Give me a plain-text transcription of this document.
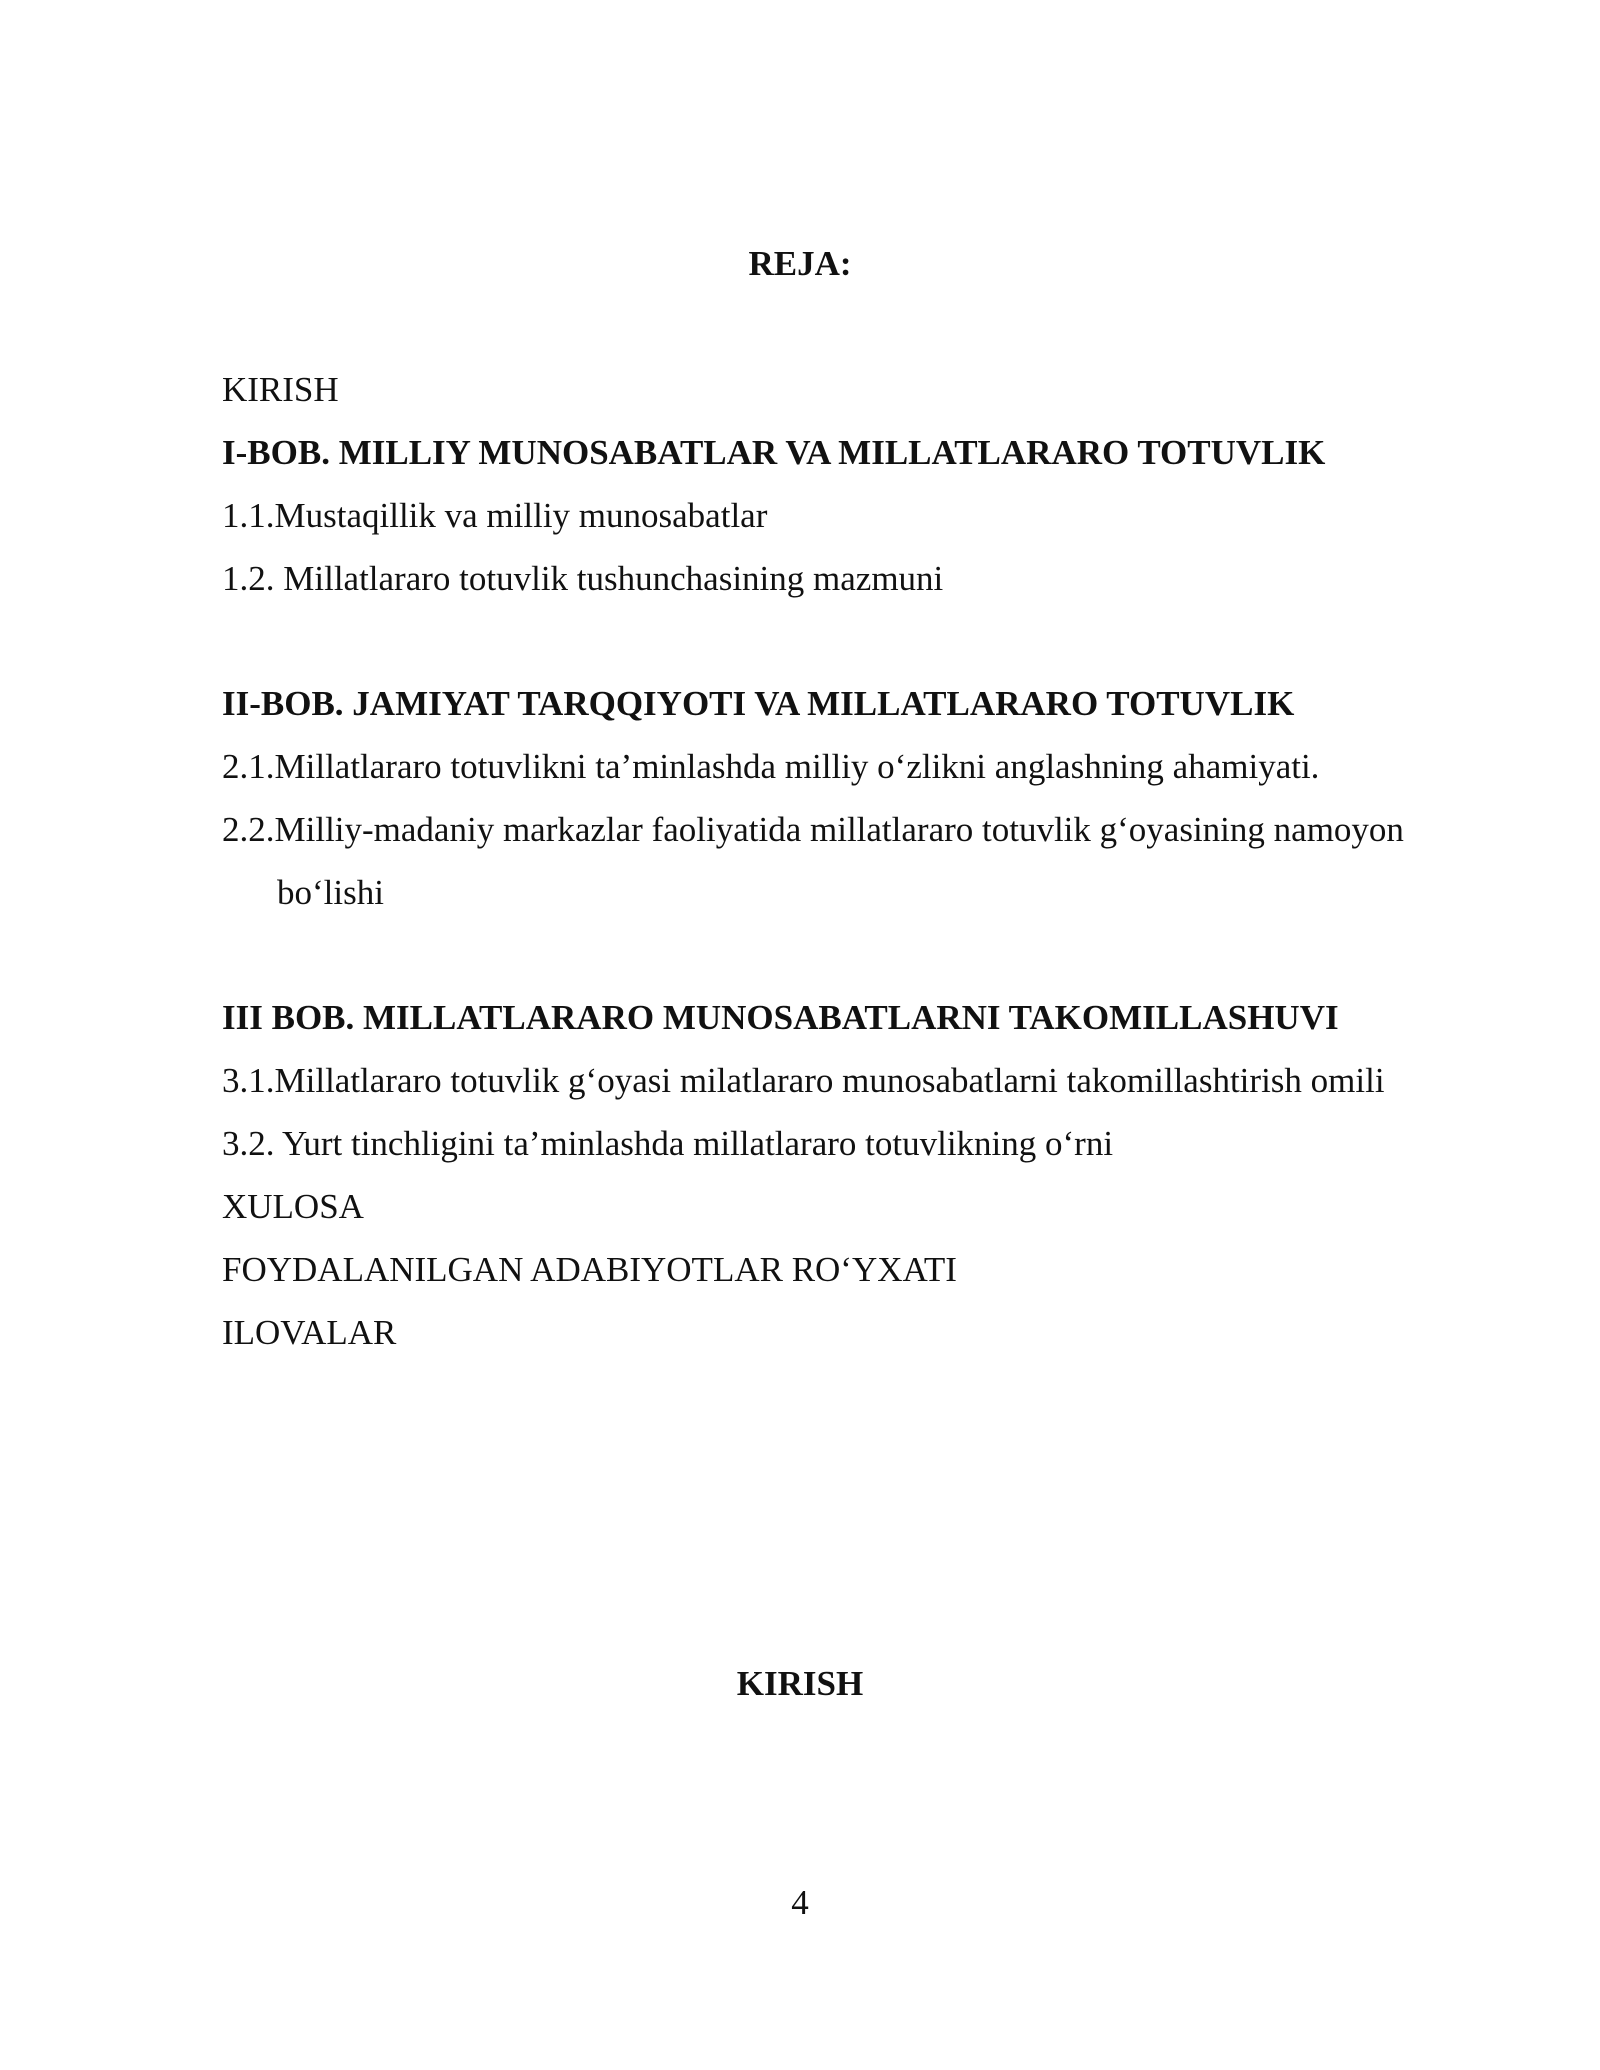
REJA:
KIRISH
I-BOB. MILLIY MUNOSABATLAR VA MILLATLARARO TOTUVLIK
1.1.Mustaqillik va milliy munosabatlar
1.2. Millatlararo totuvlik tushunchasining mazmuni
II-BOB. JAMIYAT TARQQIYOTI VA MILLATLARARO TOTUVLIK
2.1.Millatlararo totuvlikni ta’minlashda milliy o‘zlikni anglashning ahamiyati.
2.2.Milliy-madaniy markazlar faoliyatida millatlararo totuvlik g‘oyasining namoyon
bo‘lishi
III BOB. MILLATLARARO MUNOSABATLARNI TAKOMILLASHUVI
3.1.Millatlararo totuvlik g‘oyasi milatlararo munosabatlarni takomillashtirish omili
3.2. Yurt tinchligini ta’minlashda millatlararo totuvlikning o‘rni
XULOSA
FOYDALANILGAN ADABIYOTLAR RO‘YXATI
ILOVALAR
KIRISH
4
